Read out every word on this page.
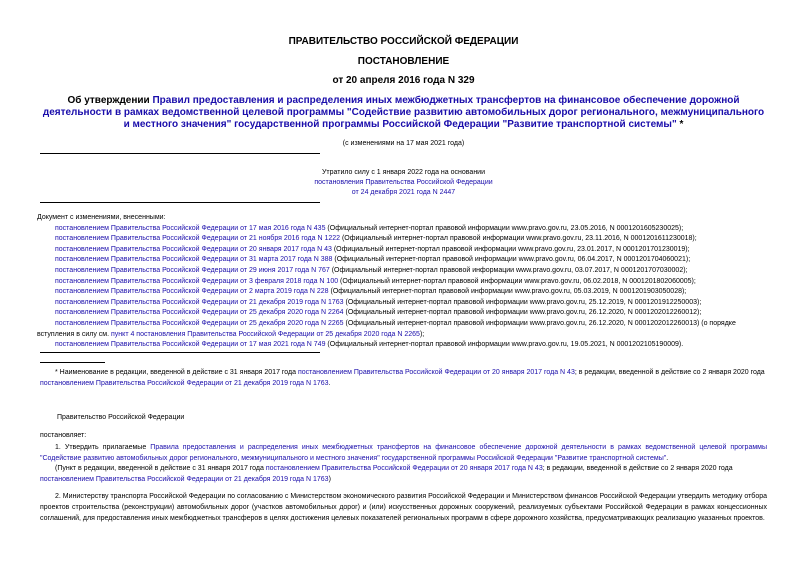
ПРАВИТЕЛЬСТВО РОССИЙСКОЙ ФЕДЕРАЦИИ
ПОСТАНОВЛЕНИЕ
от 20 апреля 2016 года N 329
Об утверждении Правил предоставления и распределения иных межбюджетных трансфертов на финансовое обеспечение дорожной деятельности в рамках ведомственной целевой программы "Содействие развитию автомобильных дорог регионального, межмуниципального и местного значения" государственной программы Российской Федерации "Развитие транспортной системы" *
(с изменениями на 17 мая 2021 года)
Утратило силу с 1 января 2022 года на основании
постановления Правительства Российской Федерации
от 24 декабря 2021 года N 2447
Документ с изменениями, внесенными:
постановлением Правительства Российской Федерации от 17 мая 2016 года N 435 (Официальный интернет-портал правовой информации www.pravo.gov.ru, 23.05.2016, N 0001201605230025);
постановлением Правительства Российской Федерации от 21 ноября 2016 года N 1222 (Официальный интернет-портал правовой информации www.pravo.gov.ru, 23.11.2016, N 0001201611230018);
постановлением Правительства Российской Федерации от 20 января 2017 года N 43 (Официальный интернет-портал правовой информации www.pravo.gov.ru, 23.01.2017, N 0001201701230019);
постановлением Правительства Российской Федерации от 31 марта 2017 года N 388 (Официальный интернет-портал правовой информации www.pravo.gov.ru, 06.04.2017, N 0001201704060021);
постановлением Правительства Российской Федерации от 29 июня 2017 года N 767 (Официальный интернет-портал правовой информации www.pravo.gov.ru, 03.07.2017, N 0001201707030002);
постановлением Правительства Российской Федерации от 3 февраля 2018 года N 100 (Официальный интернет-портал правовой информации www.pravo.gov.ru, 06.02.2018, N 0001201802060005);
постановлением Правительства Российской Федерации от 2 марта 2019 года N 228 (Официальный интернет-портал правовой информации www.pravo.gov.ru, 05.03.2019, N 0001201903050028);
постановлением Правительства Российской Федерации от 21 декабря 2019 года N 1763 (Официальный интернет-портал правовой информации www.pravo.gov.ru, 25.12.2019, N 0001201912250003);
постановлением Правительства Российской Федерации от 25 декабря 2020 года N 2264 (Официальный интернет-портал правовой информации www.pravo.gov.ru, 26.12.2020, N 0001202012260012);
постановлением Правительства Российской Федерации от 25 декабря 2020 года N 2265 (Официальный интернет-портал правовой информации www.pravo.gov.ru, 26.12.2020, N 0001202012260013) (о порядке вступления в силу см. пункт 4 постановления Правительства Российской Федерации от 25 декабря 2020 года N 2265);
постановлением Правительства Российской Федерации от 17 мая 2021 года N 749 (Официальный интернет-портал правовой информации www.pravo.gov.ru, 19.05.2021, N 0001202105190009).
* Наименование в редакции, введенной в действие с 31 января 2017 года постановлением Правительства Российской Федерации от 20 января 2017 года N 43; в редакции, введенной в действие со 2 января 2020 года постановлением Правительства Российской Федерации от 21 декабря 2019 года N 1763.
Правительство Российской Федерации
постановляет:
1. Утвердить прилагаемые Правила предоставления и распределения иных межбюджетных трансфертов на финансовое обеспечение дорожной деятельности в рамках ведомственной целевой программы "Содействие развитию автомобильных дорог регионального, межмуниципального и местного значения" государственной программы Российской Федерации "Развитие транспортной системы".
(Пункт в редакции, введенной в действие с 31 января 2017 года постановлением Правительства Российской Федерации от 20 января 2017 года N 43; в редакции, введенной в действие со 2 января 2020 года постановлением Правительства Российской Федерации от 21 декабря 2019 года N 1763)
2. Министерству транспорта Российской Федерации по согласованию с Министерством экономического развития Российской Федерации и Министерством финансов Российской Федерации утвердить методику отбора проектов строительства (реконструкции) автомобильных дорог (участков автомобильных дорог) и (или) искусственных дорожных сооружений, реализуемых субъектами Российской Федерации в рамках концессионных соглашений, для предоставления иных межбюджетных трансферов в целях достижения целевых показателей региональных программ в сфере дорожного хозяйства, предусматривающих реализацию указанных проектов.
